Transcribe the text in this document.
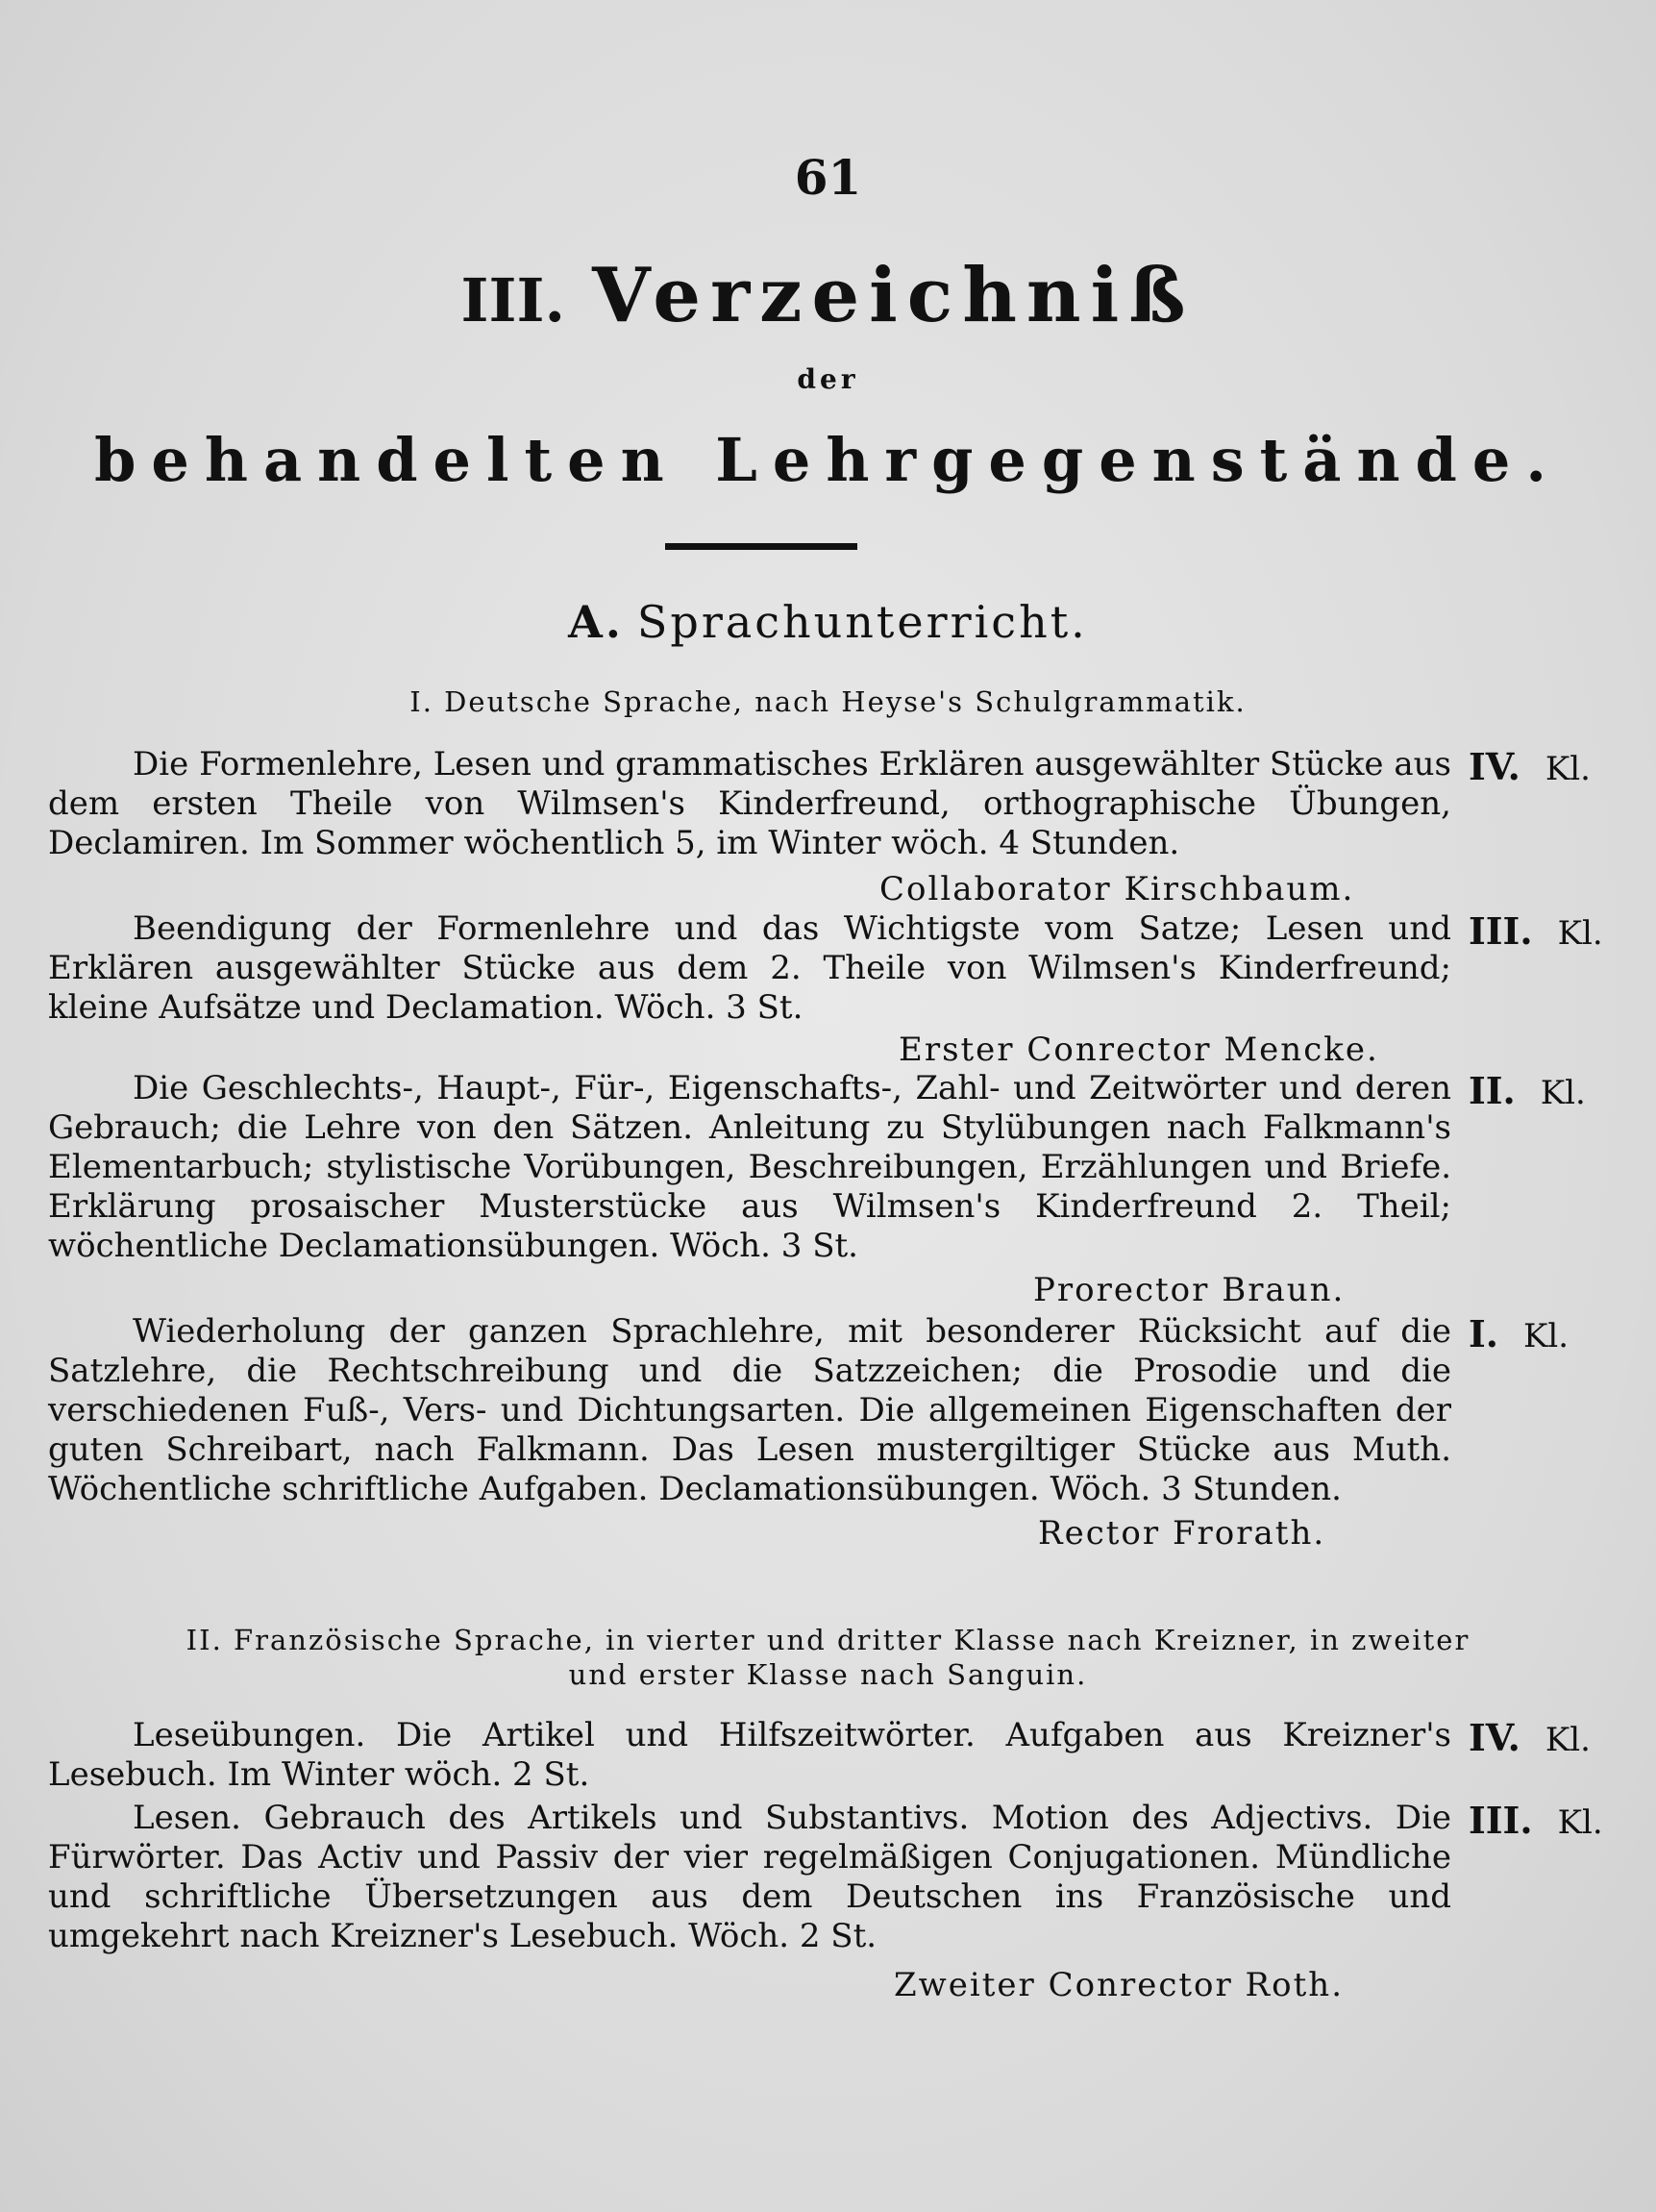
61
III. Verzeichniß
der
behandelten Lehrgegenstände.
A. Sprachunterricht.
I. Deutsche Sprache, nach Heyse's Schulgrammatik.
Die Formenlehre, Lesen und grammatisches Erklären ausgewählter Stücke aus dem ersten Theile von Wilmsen's Kinderfreund, orthographische Übungen, Declamiren. Im Sommer wöchentlich 5, im Winter wöch. 4 Stunden.
IV. Kl.
Collaborator Kirschbaum.
Beendigung der Formenlehre und das Wichtigste vom Satze; Lesen und Erklären ausgewählter Stücke aus dem 2. Theile von Wilmsen's Kinderfreund; kleine Aufsätze und Declamation. Wöch. 3 St.
III. Kl.
Erster Conrector Mencke.
Die Geschlechts-, Haupt-, Für-, Eigenschafts-, Zahl- und Zeitwörter und deren Gebrauch; die Lehre von den Sätzen. Anleitung zu Stylübungen nach Falkmann's Elementarbuch; stylistische Vorübungen, Beschreibungen, Erzählungen und Briefe. Erklärung prosaischer Musterstücke aus Wilmsen's Kinderfreund 2. Theil; wöchentliche Declamationsübungen. Wöch. 3 St.
II. Kl.
Prorector Braun.
Wiederholung der ganzen Sprachlehre, mit besonderer Rücksicht auf die Satzlehre, die Rechtschreibung und die Satzzeichen; die Prosodie und die verschiedenen Fuß-, Vers- und Dichtungsarten. Die allgemeinen Eigenschaften der guten Schreibart, nach Falkmann. Das Lesen mustergiltiger Stücke aus Muth. Wöchentliche schriftliche Aufgaben. Declamationsübungen. Wöch. 3 Stunden.
I. Kl.
Rector Frorath.
II. Französische Sprache, in vierter und dritter Klasse nach Kreizner, in zweiter
und erster Klasse nach Sanguin.
Leseübungen. Die Artikel und Hilfszeitwörter. Aufgaben aus Kreizner's Lesebuch. Im Winter wöch. 2 St.
IV. Kl.
Lesen. Gebrauch des Artikels und Substantivs. Motion des Adjectivs. Die Fürwörter. Das Activ und Passiv der vier regelmäßigen Conjugationen. Mündliche und schriftliche Übersetzungen aus dem Deutschen ins Französische und umgekehrt nach Kreizner's Lesebuch. Wöch. 2 St.
III. Kl.
Zweiter Conrector Roth.
